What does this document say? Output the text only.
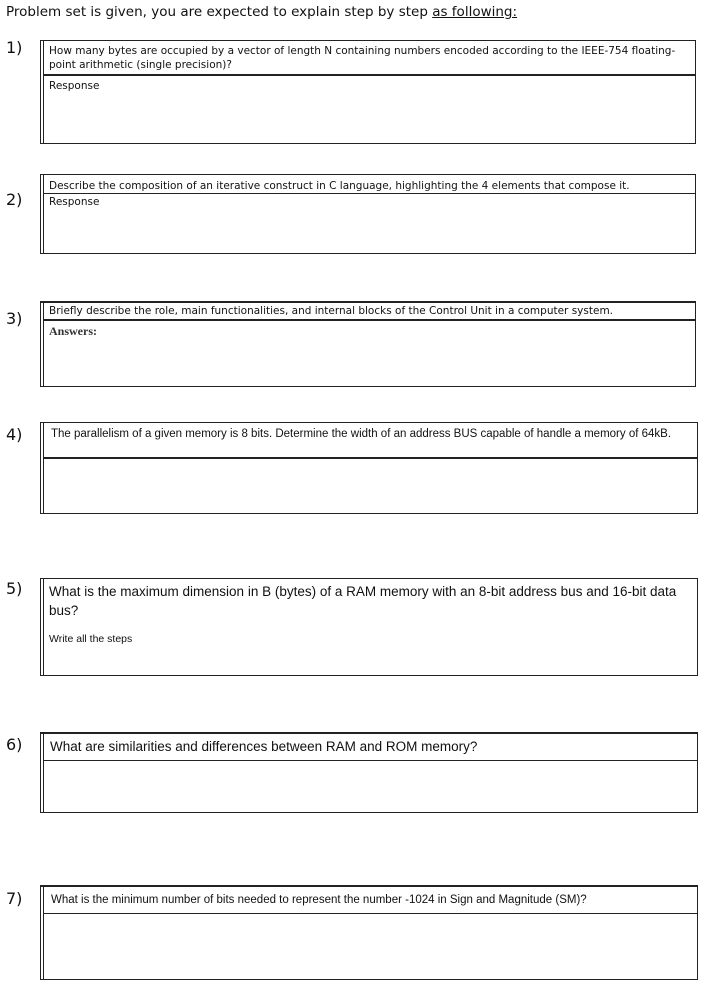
Problem set is given, you are expected to explain step by step as following:
1)	How many bytes are occupied by a vector of length N containing numbers encoded according to the IEEE-754 floating-point arithmetic (single precision)?
Response
2)
Describe the composition of an iterative construct in C language, highlighting the 4 elements that compose it.
Response
3)	Briefly describe the role, main functionalities, and internal blocks of the Control Unit in a computer system.
Answers:
4) The parallelism of a given memory is 8 bits. Determine the width of an address BUS capable of handle a memory of 64kB.
5) What is the maximum dimension in B (bytes) of a RAM memory with an 8-bit address bus and 16-bit data bus?
Write all the steps
6) What are similarities and differences between RAM and ROM memory?
7) What is the minimum number of bits needed to represent the number -1024 in Sign and Magnitude (SM)?
